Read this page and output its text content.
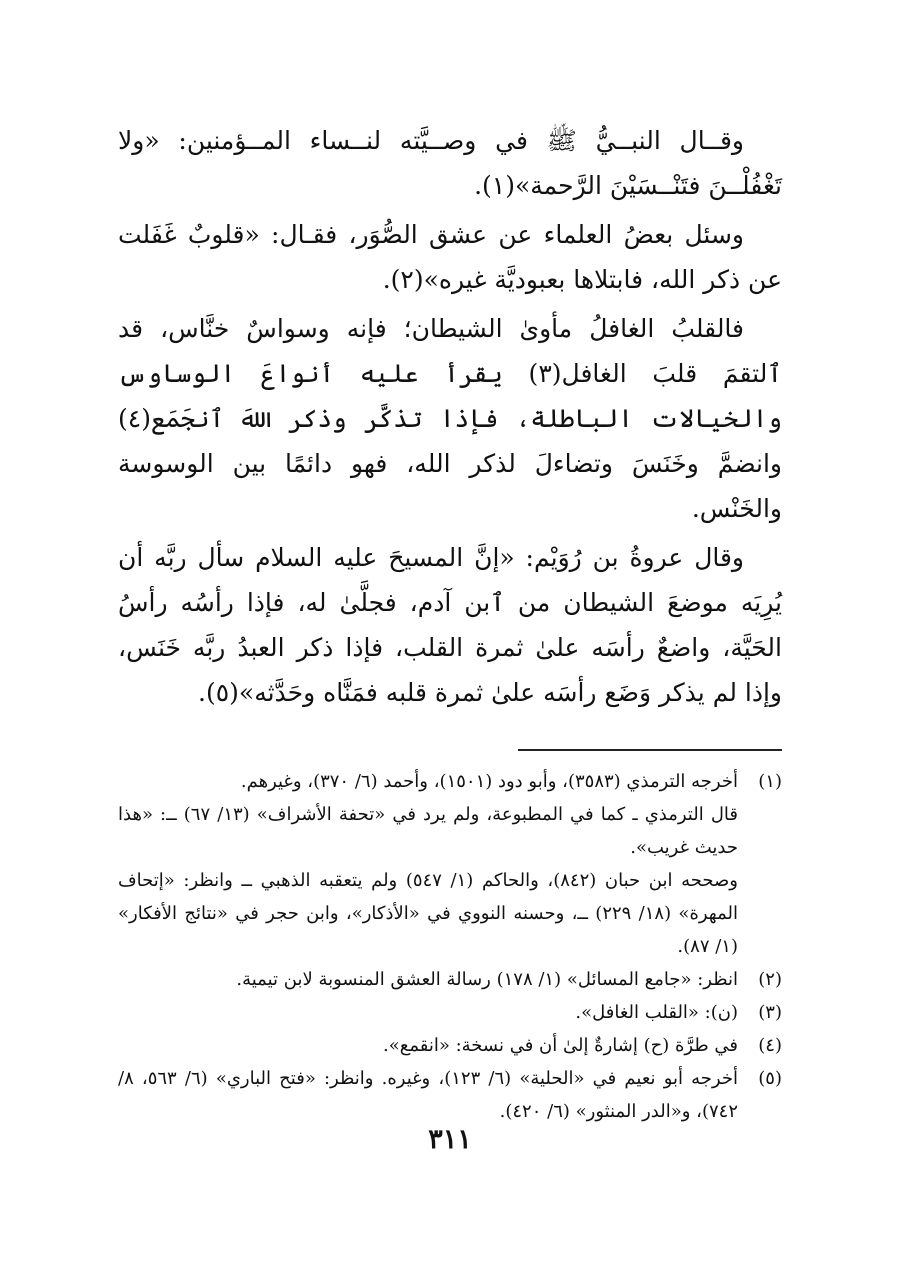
وقــال النبــيُّ ﷺ في وصــيَّته لنــساء المــؤمنين: «ولا تَغْفُلْــنَ فتَنْــسَيْنَ الرَّحمة»(١).

وسئل بعضُ العلماء عن عشق الصُّوَر، فقـال: «قلوبٌ غَفَلت عن ذكر الله، فابتلاها بعبوديَّة غيره»(٢).

فالقلبُ الغافلُ مأوىٰ الشيطان؛ فإنه وسواسٌ خنَّاس، قد ٱلتقمَ قلبَ الغافل(٣) يقرأ عليه أنواعَ الوساوس والخيالات الباطلة، فإذا تذكَّر وذكر اللهَ ٱنجَمَع(٤) وانضمَّ وخَنَسَ وتضاءلَ لذكر الله، فهو دائمًا بين الوسوسة والخَنْس.

وقال عروةُ بن رُوَيْم: «إنَّ المسيحَ عليه السلام سأل ربَّه أن يُرِيَه موضعَ الشيطان من ٱبن آدم، فجلَّىٰ له، فإذا رأسُه رأسُ الحَيَّة، واضعٌ رأسَه علىٰ ثمرة القلب، فإذا ذكر العبدُ ربَّه خَنَس، وإذا لم يذكر وَضَع رأسَه علىٰ ثمرة قلبه فمَنَّاه وحَدَّثه»(٥).

(١)

أخرجه الترمذي (٣٥٨٣)، وأبو دود (١٥٠١)، وأحمد (٦/ ٣٧٠)، وغيرهم.

قال الترمذي ـ كما في المطبوعة، ولم يرد في «تحفة الأشراف» (١٣/ ٦٧) ــ: «هذا حديث غريب».

وصححه ابن حبان (٨٤٢)، والحاكم (١/ ٥٤٧) ولم يتعقبه الذهبي ــ وانظر: «إتحاف المهرة» (١٨/ ٢٢٩) ــ، وحسنه النووي في «الأذكار»، وابن حجر في «نتائج الأفكار» (١/ ٨٧).

(٢)

انظر: «جامع المسائل» (١/ ١٧٨) رسالة العشق المنسوبة لابن تيمية.

(٣)

(ن): «القلب الغافل».

(٤)

في طرَّة (ح) إشارةٌ إلىٰ أن في نسخة: «انقمع».

(٥)

أخرجه أبو نعيم في «الحلية» (٦/ ١٢٣)، وغيره. وانظر: «فتح الباري» (٦/ ٥٦٣، ٨/ ٧٤٢)، و«الدر المنثور» (٦/ ٤٢٠).

٣١١
